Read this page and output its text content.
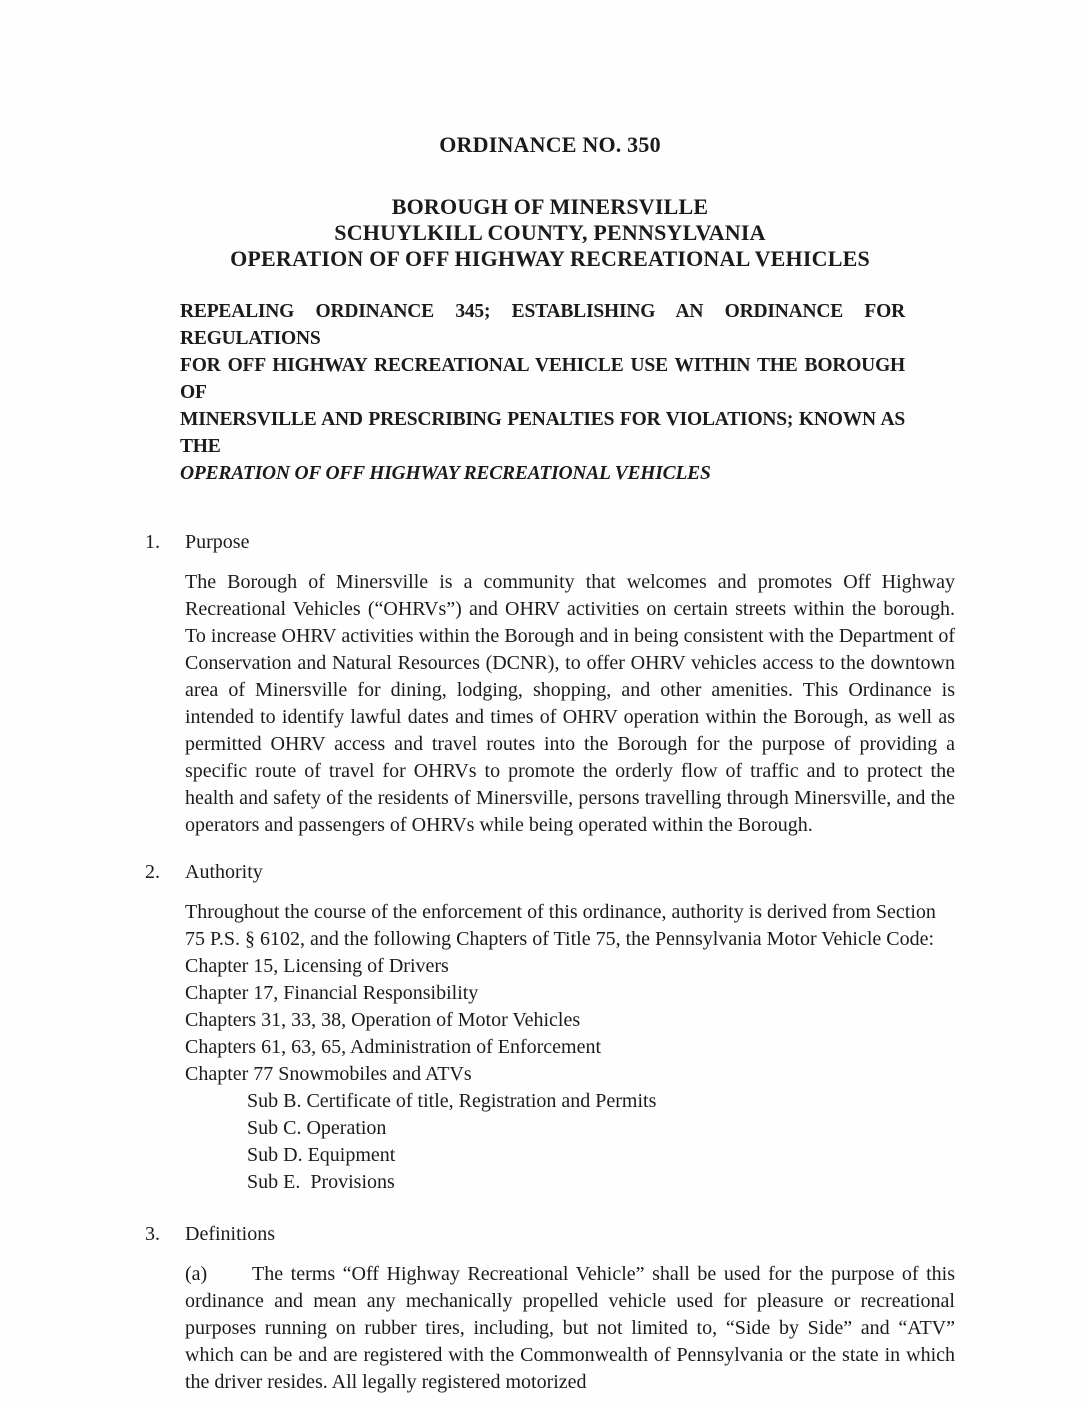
ORDINANCE NO. 350
BOROUGH OF MINERSVILLE
SCHUYLKILL COUNTY, PENNSYLVANIA
OPERATION OF OFF HIGHWAY RECREATIONAL VEHICLES
REPEALING ORDINANCE 345; ESTABLISHING AN ORDINANCE FOR REGULATIONS
FOR OFF HIGHWAY RECREATIONAL VEHICLE USE WITHIN THE BOROUGH OF
MINERSVILLE AND PRESCRIBING PENALTIES FOR VIOLATIONS; KNOWN AS THE
OPERATION OF OFF HIGHWAY RECREATIONAL VEHICLES
1. Purpose

The Borough of Minersville is a community that welcomes and promotes Off Highway Recreational Vehicles (“OHRVs”) and OHRV activities on certain streets within the borough. To increase OHRV activities within the Borough and in being consistent with the Department of Conservation and Natural Resources (DCNR), to offer OHRV vehicles access to the downtown area of Minersville for dining, lodging, shopping, and other amenities. This Ordinance is intended to identify lawful dates and times of OHRV operation within the Borough, as well as permitted OHRV access and travel routes into the Borough for the purpose of providing a specific route of travel for OHRVs to promote the orderly flow of traffic and to protect the health and safety of the residents of Minersville, persons travelling through Minersville, and the operators and passengers of OHRVs while being operated within the Borough.

2. Authority

Throughout the course of the enforcement of this ordinance, authority is derived from Section 75 P.S. § 6102, and the following Chapters of Title 75, the Pennsylvania Motor Vehicle Code:

Chapter 15, Licensing of Drivers
Chapter 17, Financial Responsibility
Chapters 31, 33, 38, Operation of Motor Vehicles
Chapters 61, 63, 65, Administration of Enforcement
Chapter 77 Snowmobiles and ATVs
Sub B. Certificate of title, Registration and Permits
Sub C. Operation
Sub D. Equipment
Sub E.  Provisions
3. Definitions

(a) The terms “Off Highway Recreational Vehicle” shall be used for the purpose of this ordinance and mean any mechanically propelled vehicle used for pleasure or recreational purposes running on rubber tires, including, but not limited to, “Side by Side” and “ATV” which can be and are registered with the Commonwealth of Pennsylvania or the state in which the driver resides. All legally registered motorized
